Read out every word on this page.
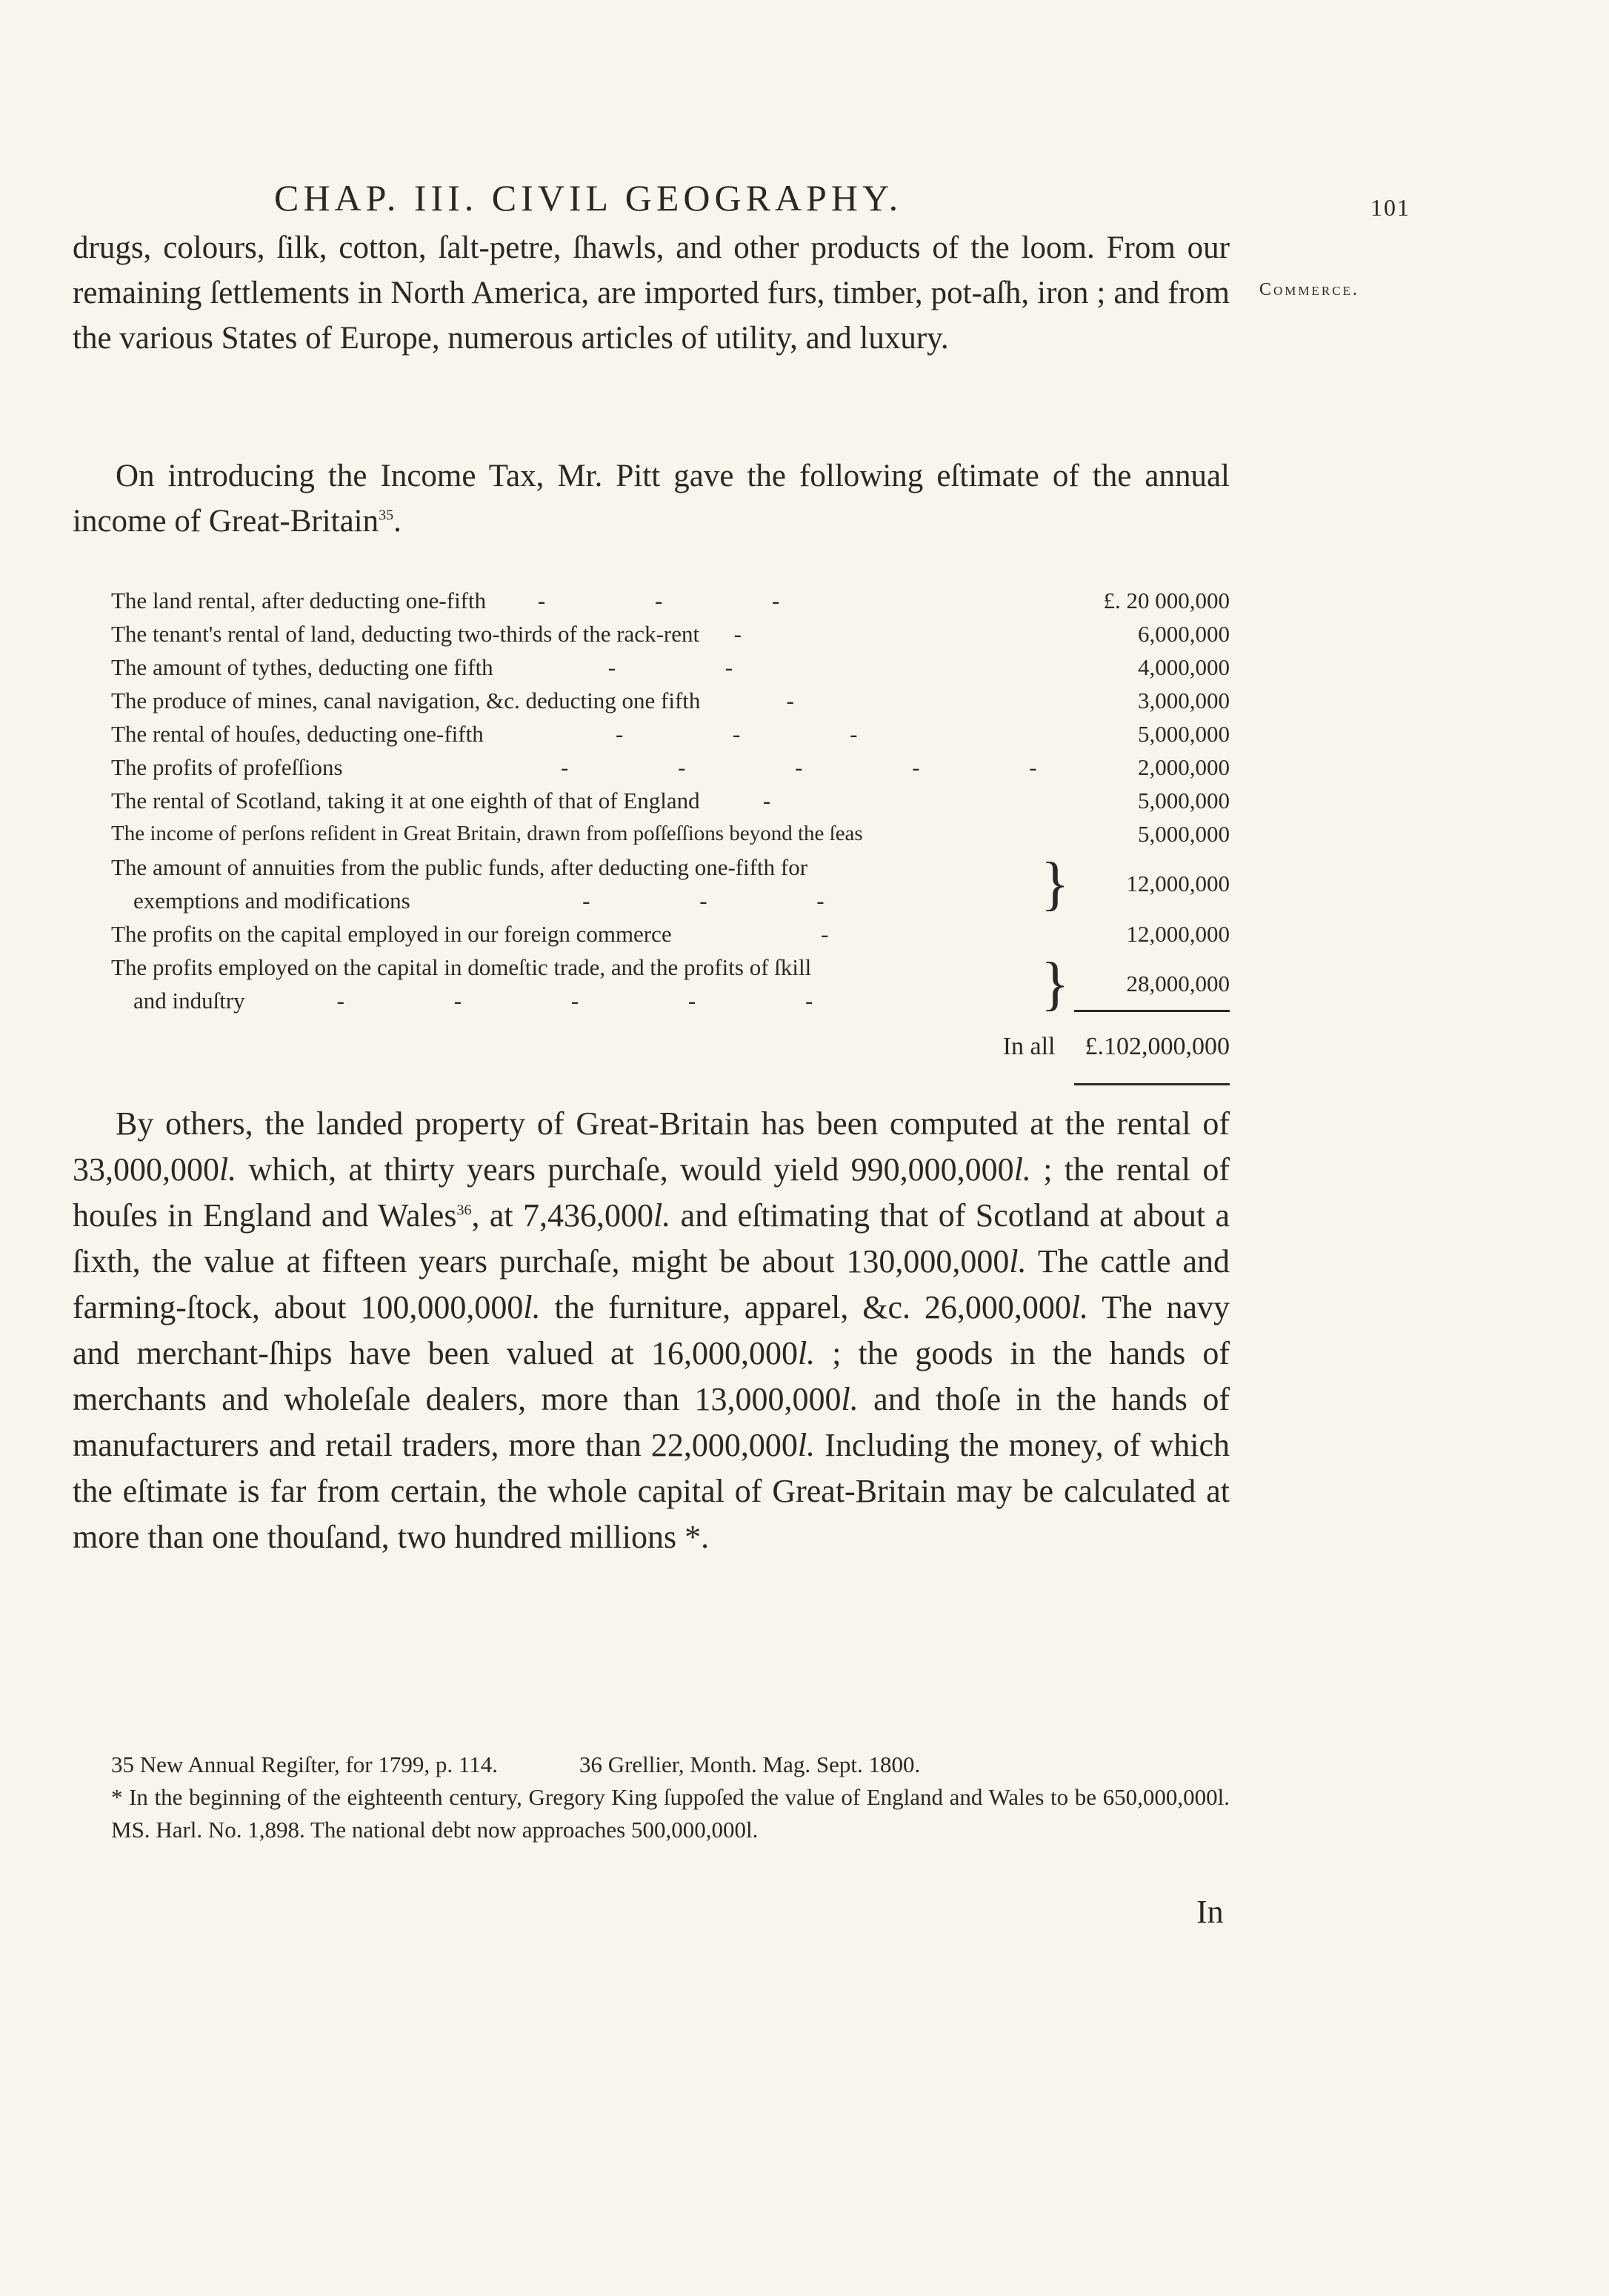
CHAP. III. CIVIL GEOGRAPHY.	101
Commerce.
drugs, colours, ſilk, cotton, ſalt-petre, ſhawls, and other products of the loom. From our remaining ſettlements in North America, are imported furs, timber, pot-aſh, iron ; and from the various States of Europe, numerous articles of utility, and luxury.
On introducing the Income Tax, Mr. Pitt gave the following eſtimate of the annual income of Great-Britain$^{35}$.
The land rental, after deducting one-fifth - - -	£. 20 000,000
The tenant's rental of land, deducting two-thirds of the rack-rent -	6,000,000
The amount of tythes, deducting one fifth	- -	4,000,000
The produce of mines, canal navigation, &c. deducting one fifth	-	3,000,000
The rental of houſes, deducting one-fifth	- - -	5,000,000
The profits of profeſſions	- - - - -	2,000,000
The rental of Scotland, taking it at one eighth of that of England	-	5,000,000
The income of perſons reſident in Great Britain, drawn from poſſeſſions beyond the ſeas	5,000,000
The amount of annuities from the public funds, after deducting one-fifth for
exemptions and modifications	- - -	}	12,000,000
The profits on the capital employed in our foreign commerce	-	12,000,000
The profits employed on the capital in domeſtic trade, and the profits of ſkill
and induſtry	- - - - -	}	28,000,000
In all £.102,000,000
By others, the landed property of Great-Britain has been computed at the rental of 33,000,000l. which, at thirty years purchaſe, would yield 990,000,000l. ; the rental of houſes in England and Wales$^{36}$, at 7,436,000l. and eſtimating that of Scotland at about a ſixth, the value at fifteen years purchaſe, might be about 130,000,000l. The cattle and farming-ſtock, about 100,000,000l. the furniture, apparel, &c. 26,000,000l. The navy and merchant-ſhips have been valued at 16,000,000l. ; the goods in the hands of merchants and wholeſale dealers, more than 13,000,000l. and thoſe in the hands of manufacturers and retail traders, more than 22,000,000l. Including the money, of which the eſtimate is far from certain, the whole capital of Great-Britain may be calculated at more than one thouſand, two hundred millions *.
35 New Annual Regiſter, for 1799, p. 114.	36 Grellier, Month. Mag. Sept. 1800.
* In the beginning of the eighteenth century, Gregory King ſuppoſed the value of England and Wales to be 650,000,000l. MS. Harl. No. 1,898. The national debt now approaches 500,000,000l.
In
